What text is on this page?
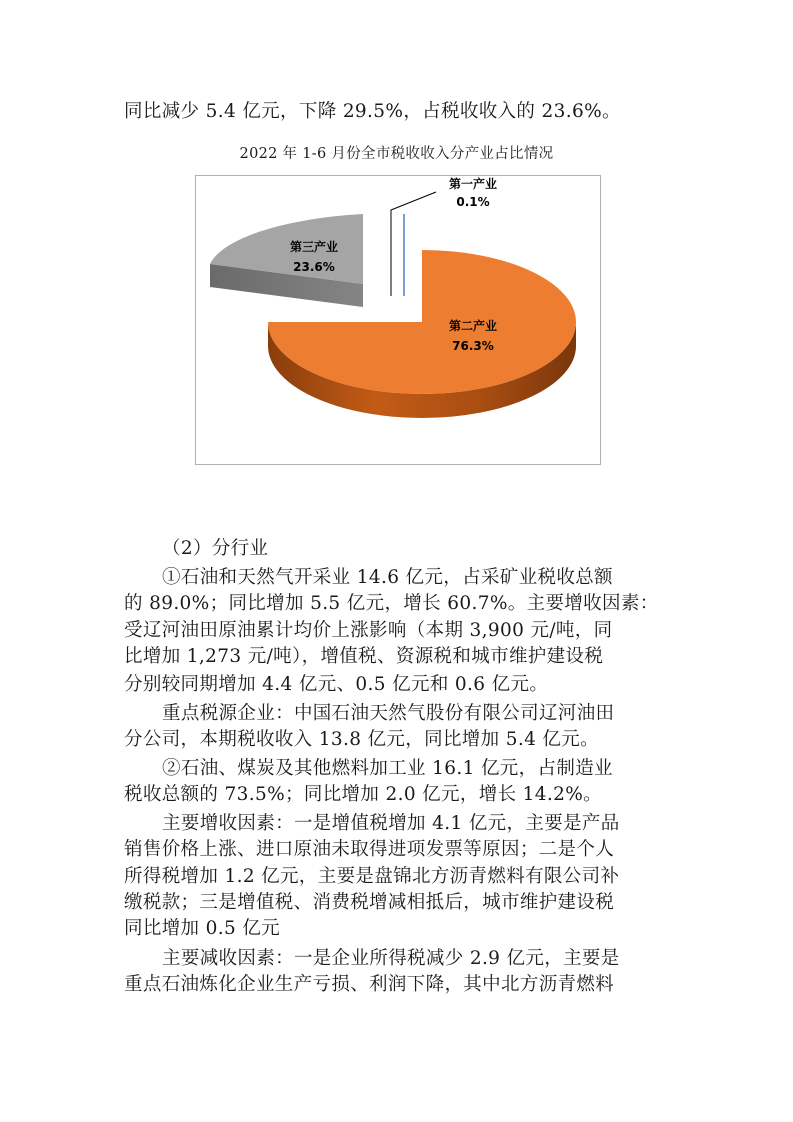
同比减少 5.4 亿元，下降 29.5%，占税收收入的 23.6%。
2022 年 1-6 月份全市税收收入分产业占比情况
第一产业
0.1%
第三产业
23.6%
第二产业
76.3%
（2）分行业
①石油和天然气开采业 14.6 亿元，占采矿业税收总额
的 89.0%；同比增加 5.5 亿元，增长 60.7%。主要增收因素：
受辽河油田原油累计均价上涨影响（本期 3,900 元/吨，同
比增加 1,273 元/吨），增值税、资源税和城市维护建设税
分别较同期增加 4.4 亿元、0.5 亿元和 0.6 亿元。
重点税源企业：中国石油天然气股份有限公司辽河油田
分公司，本期税收收入 13.8 亿元，同比增加 5.4 亿元。
②石油、煤炭及其他燃料加工业 16.1 亿元，占制造业
税收总额的 73.5%；同比增加 2.0 亿元，增长 14.2%。
主要增收因素：一是增值税增加 4.1 亿元，主要是产品
销售价格上涨、进口原油未取得进项发票等原因；二是个人
所得税增加 1.2 亿元，主要是盘锦北方沥青燃料有限公司补
缴税款；三是增值税、消费税增减相抵后，城市维护建设税
同比增加 0.5 亿元
主要减收因素：一是企业所得税减少 2.9 亿元，主要是
重点石油炼化企业生产亏损、利润下降，其中北方沥青燃料
